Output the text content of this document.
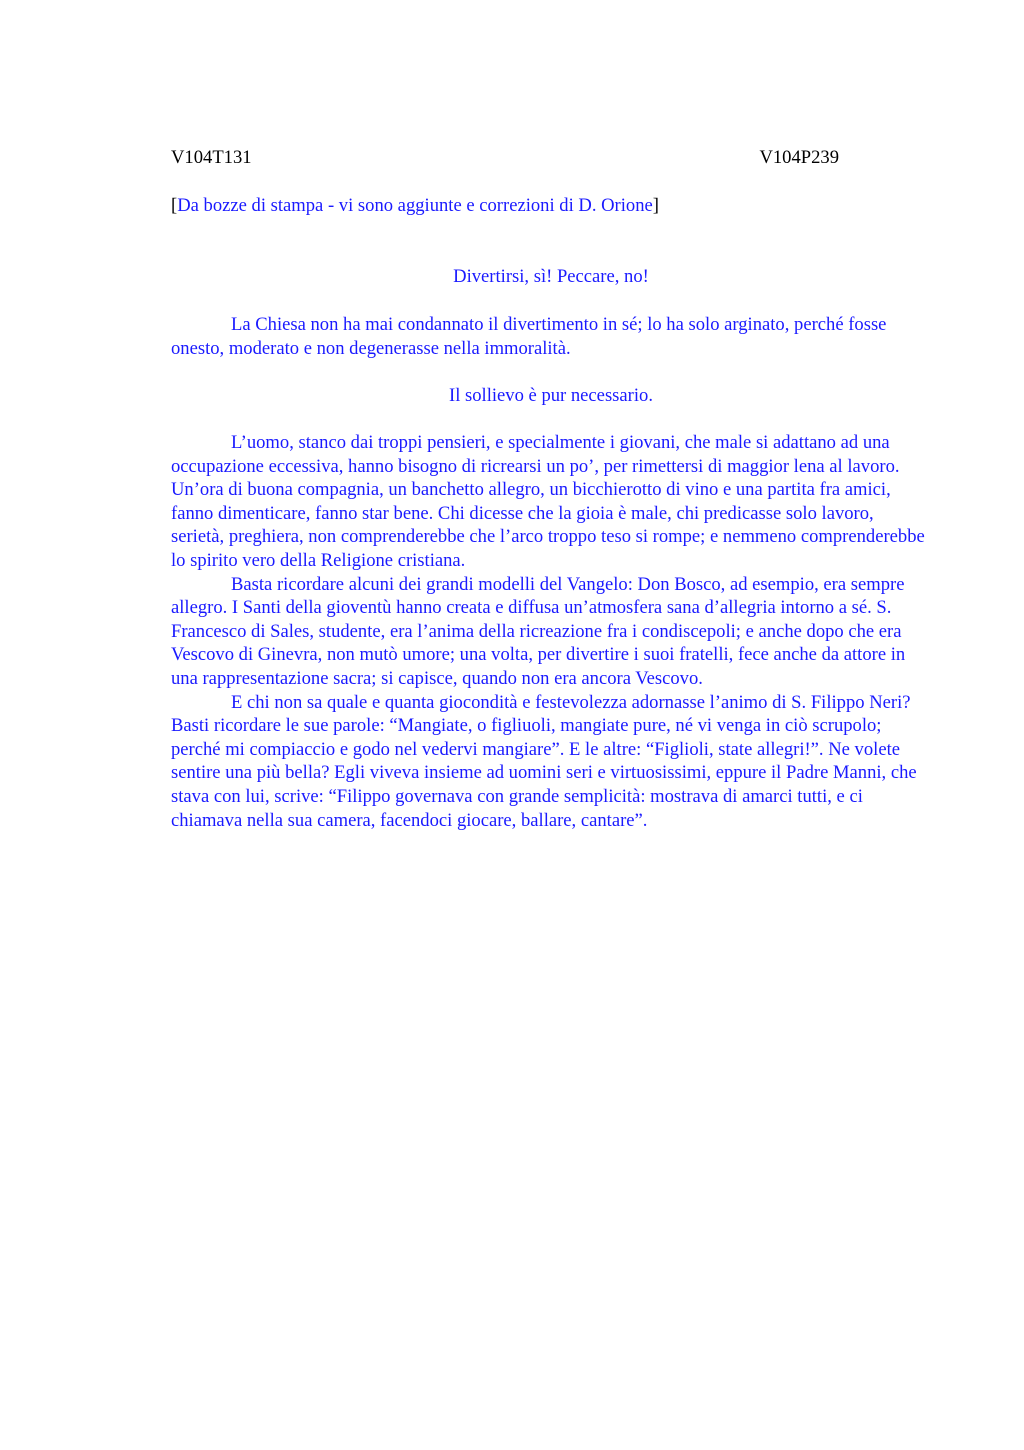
V104T131	V104P239
[Da bozze di stampa - vi sono aggiunte e correzioni di D. Orione]
Divertirsi, sì! Peccare, no!

La Chiesa non ha mai condannato il divertimento in sé; lo ha solo arginato, perché fosse onesto, moderato e non degenerasse nella immoralità.

Il sollievo è pur necessario.

L’uomo, stanco dai troppi pensieri, e specialmente i giovani, che male si adattano ad una occupazione eccessiva, hanno bisogno di ricrearsi un po’, per rimettersi di maggior lena al lavoro. Un’ora di buona compagnia, un banchetto allegro, un bicchierotto di vino e una partita fra amici, fanno dimenticare, fanno star bene. Chi dicesse che la gioia è male, chi predicasse solo lavoro, serietà, preghiera, non comprenderebbe che l’arco troppo teso si rompe; e nemmeno comprenderebbe lo spirito vero della Religione cristiana.

Basta ricordare alcuni dei grandi modelli del Vangelo: Don Bosco, ad esempio, era sempre allegro. I Santi della gioventù hanno creata e diffusa un’atmosfera sana d’allegria intorno a sé. S. Francesco di Sales, studente, era l’anima della ricreazione fra i condiscepoli; e anche dopo che era Vescovo di Ginevra, non mutò umore; una volta, per divertire i suoi fratelli, fece anche da attore in una rappresentazione sacra; si capisce, quando non era ancora Vescovo.

E chi non sa quale e quanta giocondità e festevolezza adornasse l’animo di S. Filippo Neri? Basti ricordare le sue parole: “Mangiate, o figliuoli, mangiate pure, né vi venga in ciò scrupolo; perché mi compiaccio e godo nel vedervi mangiare”. E le altre: “Figlioli, state allegri!”. Ne volete sentire una più bella? Egli viveva insieme ad uomini seri e virtuosissimi, eppure il Padre Manni, che stava con lui, scrive: “Filippo governava con grande semplicità: mostrava di amarci tutti, e ci chiamava nella sua camera, facendoci giocare, ballare, cantare”.
